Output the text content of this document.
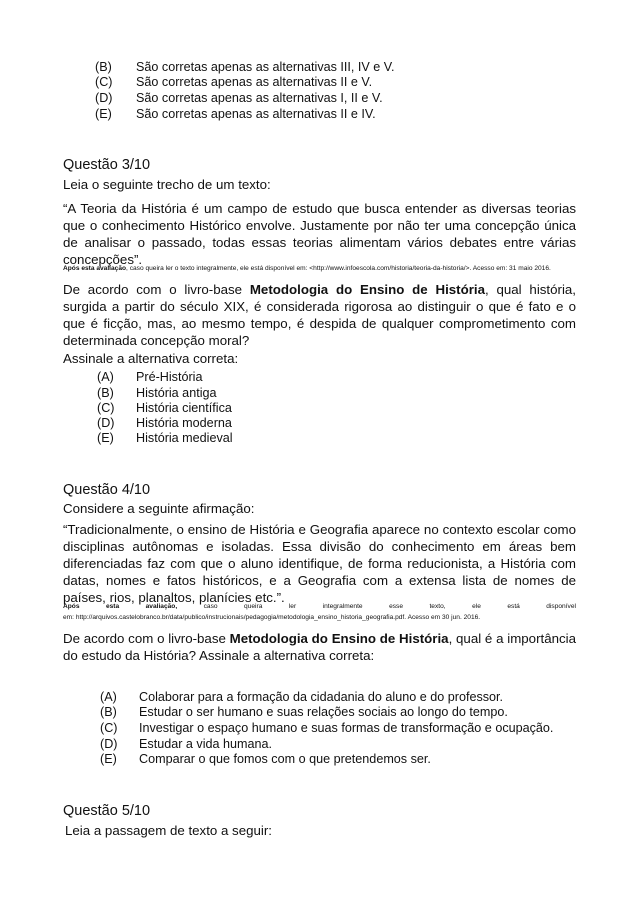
(B) São corretas apenas as alternativas III, IV e V.
(C) São corretas apenas as alternativas II e V.
(D) São corretas apenas as alternativas I, II e V.
(E) São corretas apenas as alternativas II e IV.
Questão 3/10
Leia o seguinte trecho de um texto:
“A Teoria da História é um campo de estudo que busca entender as diversas teorias que o conhecimento Histórico envolve. Justamente por não ter uma concepção única de analisar o passado, todas essas teorias alimentam vários debates entre várias concepções”.
Após esta avaliação, caso queira ler o texto integralmente, ele está disponível em: <http://www.infoescola.com/historia/teoria-da-historia/>. Acesso em: 31 maio 2016.
De acordo com o livro-base Metodologia do Ensino de História, qual história, surgida a partir do século XIX, é considerada rigorosa ao distinguir o que é fato e o que é ficção, mas, ao mesmo tempo, é despida de qualquer comprometimento com determinada concepção moral?
Assinale a alternativa correta:
(A) Pré-História
(B) História antiga
(C) História científica
(D) História moderna
(E) História medieval
Questão 4/10
Considere a seguinte afirmação:
“Tradicionalmente, o ensino de História e Geografia aparece no contexto escolar como disciplinas autônomas e isoladas. Essa divisão do conhecimento em áreas bem diferenciadas faz com que o aluno identifique, de forma reducionista, a História com datas, nomes e fatos históricos, e a Geografia com a extensa lista de nomes de países, rios, planaltos, planícies etc.”.
Após	esta	avaliação,	caso	queira	ler	integralmente	esse	texto,	ele	está	disponível
em: http://arquivos.castelobranco.br/data/publico/instrucionais/pedagogia/metodologia_ensino_historia_geografia.pdf. Acesso em 30 jun. 2016.
De acordo com o livro-base Metodologia do Ensino de História, qual é a importância do estudo da História? Assinale a alternativa correta:
(A) Colaborar para a formação da cidadania do aluno e do professor.
(B) Estudar o ser humano e suas relações sociais ao longo do tempo.
(C) Investigar o espaço humano e suas formas de transformação e ocupação.
(D) Estudar a vida humana.
(E) Comparar o que fomos com o que pretendemos ser.
Questão 5/10
Leia a passagem de texto a seguir:
